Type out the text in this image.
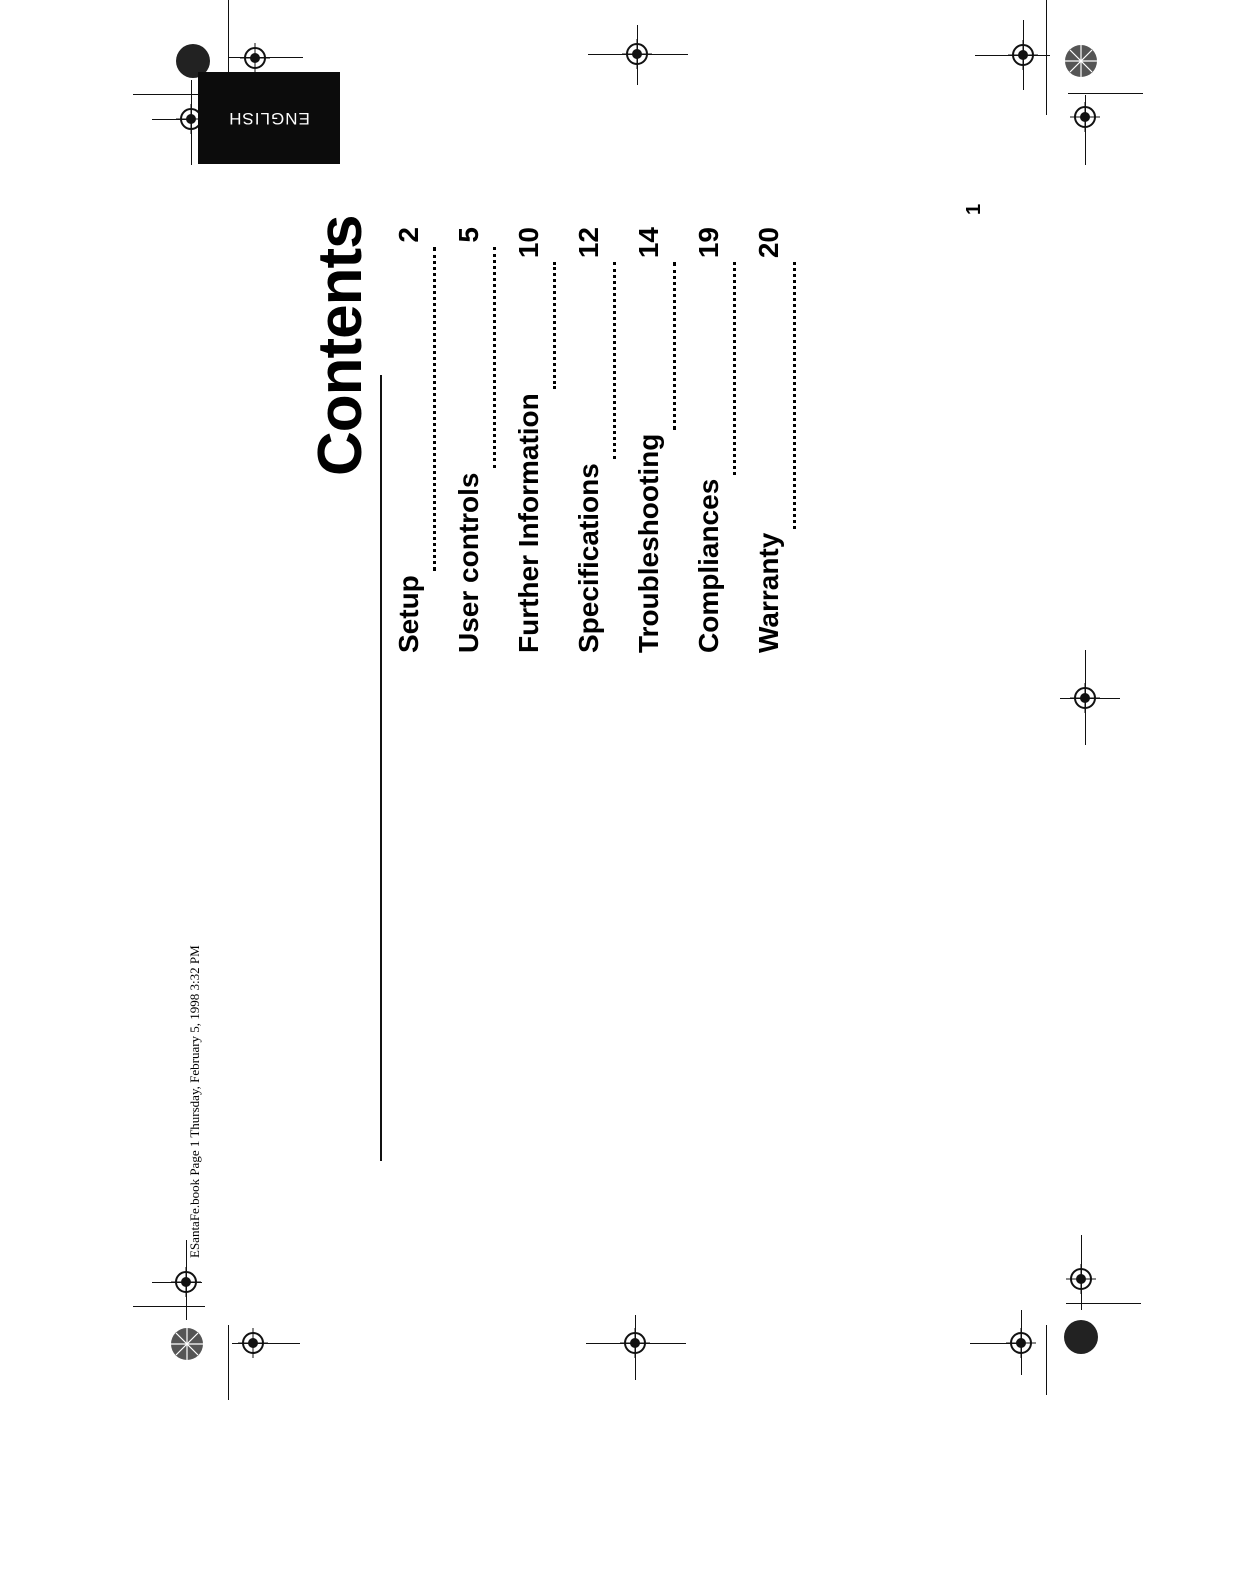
ENGLISH
Contents
Setup
2
User controls
5
Further Information
10
Specifications
12
Troubleshooting
14
Compliances
19
Warranty
20
1
ESantaFe.book Page 1 Thursday, February 5, 1998 3:32 PM
